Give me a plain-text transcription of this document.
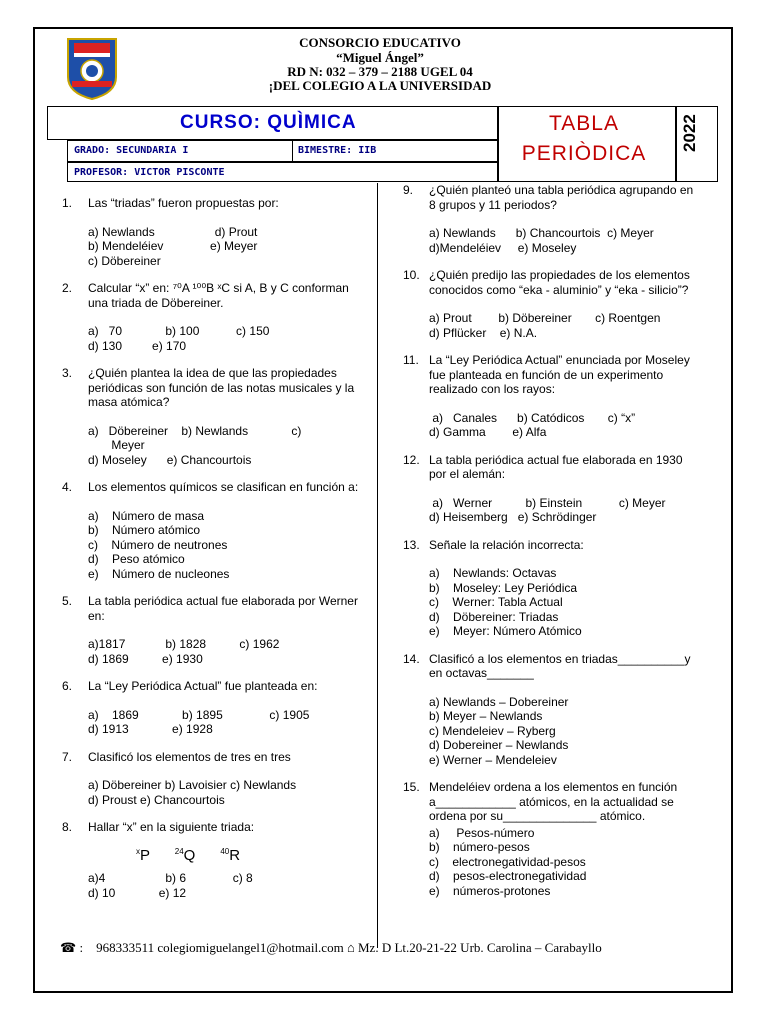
CONSORCIO EDUCATIVO
“Miguel Ángel”
RD N: 032 – 379 – 2188 UGEL 04
¡DEL COLEGIO A LA UNIVERSIDAD
CURSO: QUÌMICA
GRADO: SECUNDARIA I	BIMESTRE: IIB
PROFESOR: VICTOR PISCONTE
TABLA
PERIÒDICA
2022
1. Las “triadas” fueron propuestas por:
a) Newlands                  d) Prout
b) Mendeléiev              e) Meyer
c) Döbereiner
2. Calcular “x” en: ⁷⁰A ¹⁰⁰B ˣC si A, B y C conforman una triada de Döbereiner.
a)   70             b) 100           c) 150
d) 130         e) 170
3. ¿Quién plantea la idea de que las propiedades periódicas son función de las notas musicales y la masa atómica?
a)   Döbereiner    b) Newlands             c)
Meyer
d) Moseley      e) Chancourtois
4. Los elementos químicos se clasifican en función a:
a)    Número de masa
b)    Número atómico
c)    Número de neutrones
d)    Peso atómico
e)    Número de nucleones
5. La tabla periódica actual fue elaborada por Werner en:
a)1817            b) 1828          c) 1962
d) 1869          e) 1930
6. La “Ley Periódica Actual” fue planteada en:
a)    1869             b) 1895              c) 1905
d) 1913             e) 1928
7. Clasificó los elementos de tres en tres
a) Döbereiner b) Lavoisier c) Newlands
d) Proust e) Chancourtois
8. Hallar “x” en la siguiente triada:
$^x$P	$^{24}$Q	$^{40}$R
a)4                  b) 6              c) 8
d) 10             e) 12
9. ¿Quién planteó una tabla periódica agrupando en 8 grupos y 11 periodos?
a) Newlands      b) Chancourtois  c) Meyer
d)Mendeléiev     e) Moseley
10. ¿Quién predijo las propiedades de los elementos conocidos como “eka - aluminio” y “eka - silicio”?
a) Prout        b) Döbereiner       c) Roentgen
d) Pflücker    e) N.A.
11. La “Ley Periódica Actual” enunciada por Moseley fue planteada en función de un experimento realizado con los rayos:
a)   Canales      b) Catódicos       c) “x”
d) Gamma        e) Alfa
12. La tabla periódica actual fue elaborada en 1930 por el alemán:
a)   Werner          b) Einstein           c) Meyer
d) Heisemberg   e) Schrödinger
13. Señale la relación incorrecta:
a)    Newlands: Octavas
b)    Moseley: Ley Periódica
c)    Werner: Tabla Actual
d)    Döbereiner: Triadas
e)    Meyer: Número Atómico
14. Clasificó a los elementos en triadas__________y en octavas_______
a) Newlands – Dobereiner
b) Meyer – Newlands
c) Mendeleiev – Ryberg
d) Dobereiner – Newlands
e) Werner – Mendeleiev
15. Mendeléiev ordena a los elementos en función a____________ atómicos, en la actualidad se ordena por su______________ atómico.
a)     Pesos-número
b)    número-pesos
c)    electronegatividad-pesos
d)    pesos-electronegatividad
e)    números-protones
☎ : 968333511 colegiomiguelangel1@hotmail.com ⌂ Mz. D Lt.20-21-22 Urb. Carolina – Carabayllo
